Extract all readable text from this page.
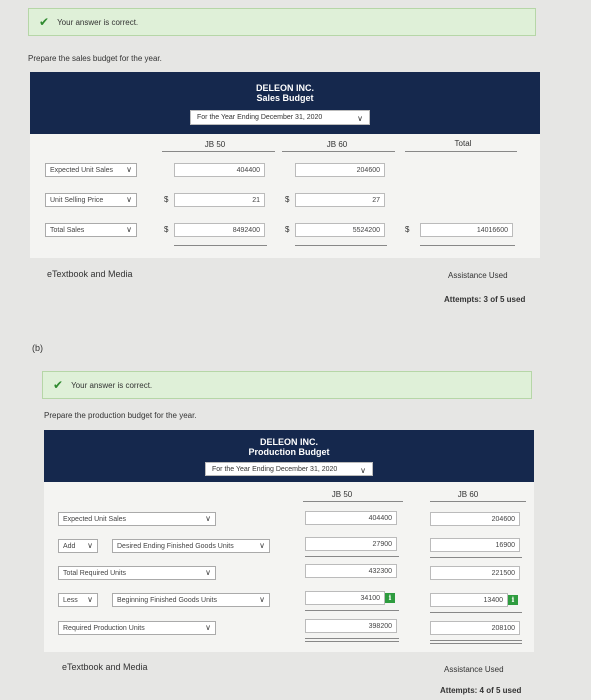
✔ Your answer is correct.
Prepare the sales budget for the year.
DELEON INC.
Sales Budget
For the Year Ending December 31, 2020	∨
JB 50	JB 60	Total
Expected Unit Sales ∨	404400	204600
Unit Selling Price	∨	$	21	$	27
Total Sales	∨	$	8492400	$	5524200	$	14016600
eTextbook and Media	Assistance Used
Attempts: 3 of 5 used
(b)
✔ Your answer is correct.
Prepare the production budget for the year.
DELEON INC.
Production Budget
For the Year Ending December 31, 2020	∨
JB 50	JB 60
Expected Unit Sales	∨	404400	204600
Add ∨	Desired Ending Finished Goods Units	∨	27900	16900
Total Required Units	∨	432300	221500
Less ∨	Beginning Finished Goods Units	∨	34100	i	13400	i
Required Production Units	∨	398200	208100
eTextbook and Media	Assistance Used
Attempts: 4 of 5 used
